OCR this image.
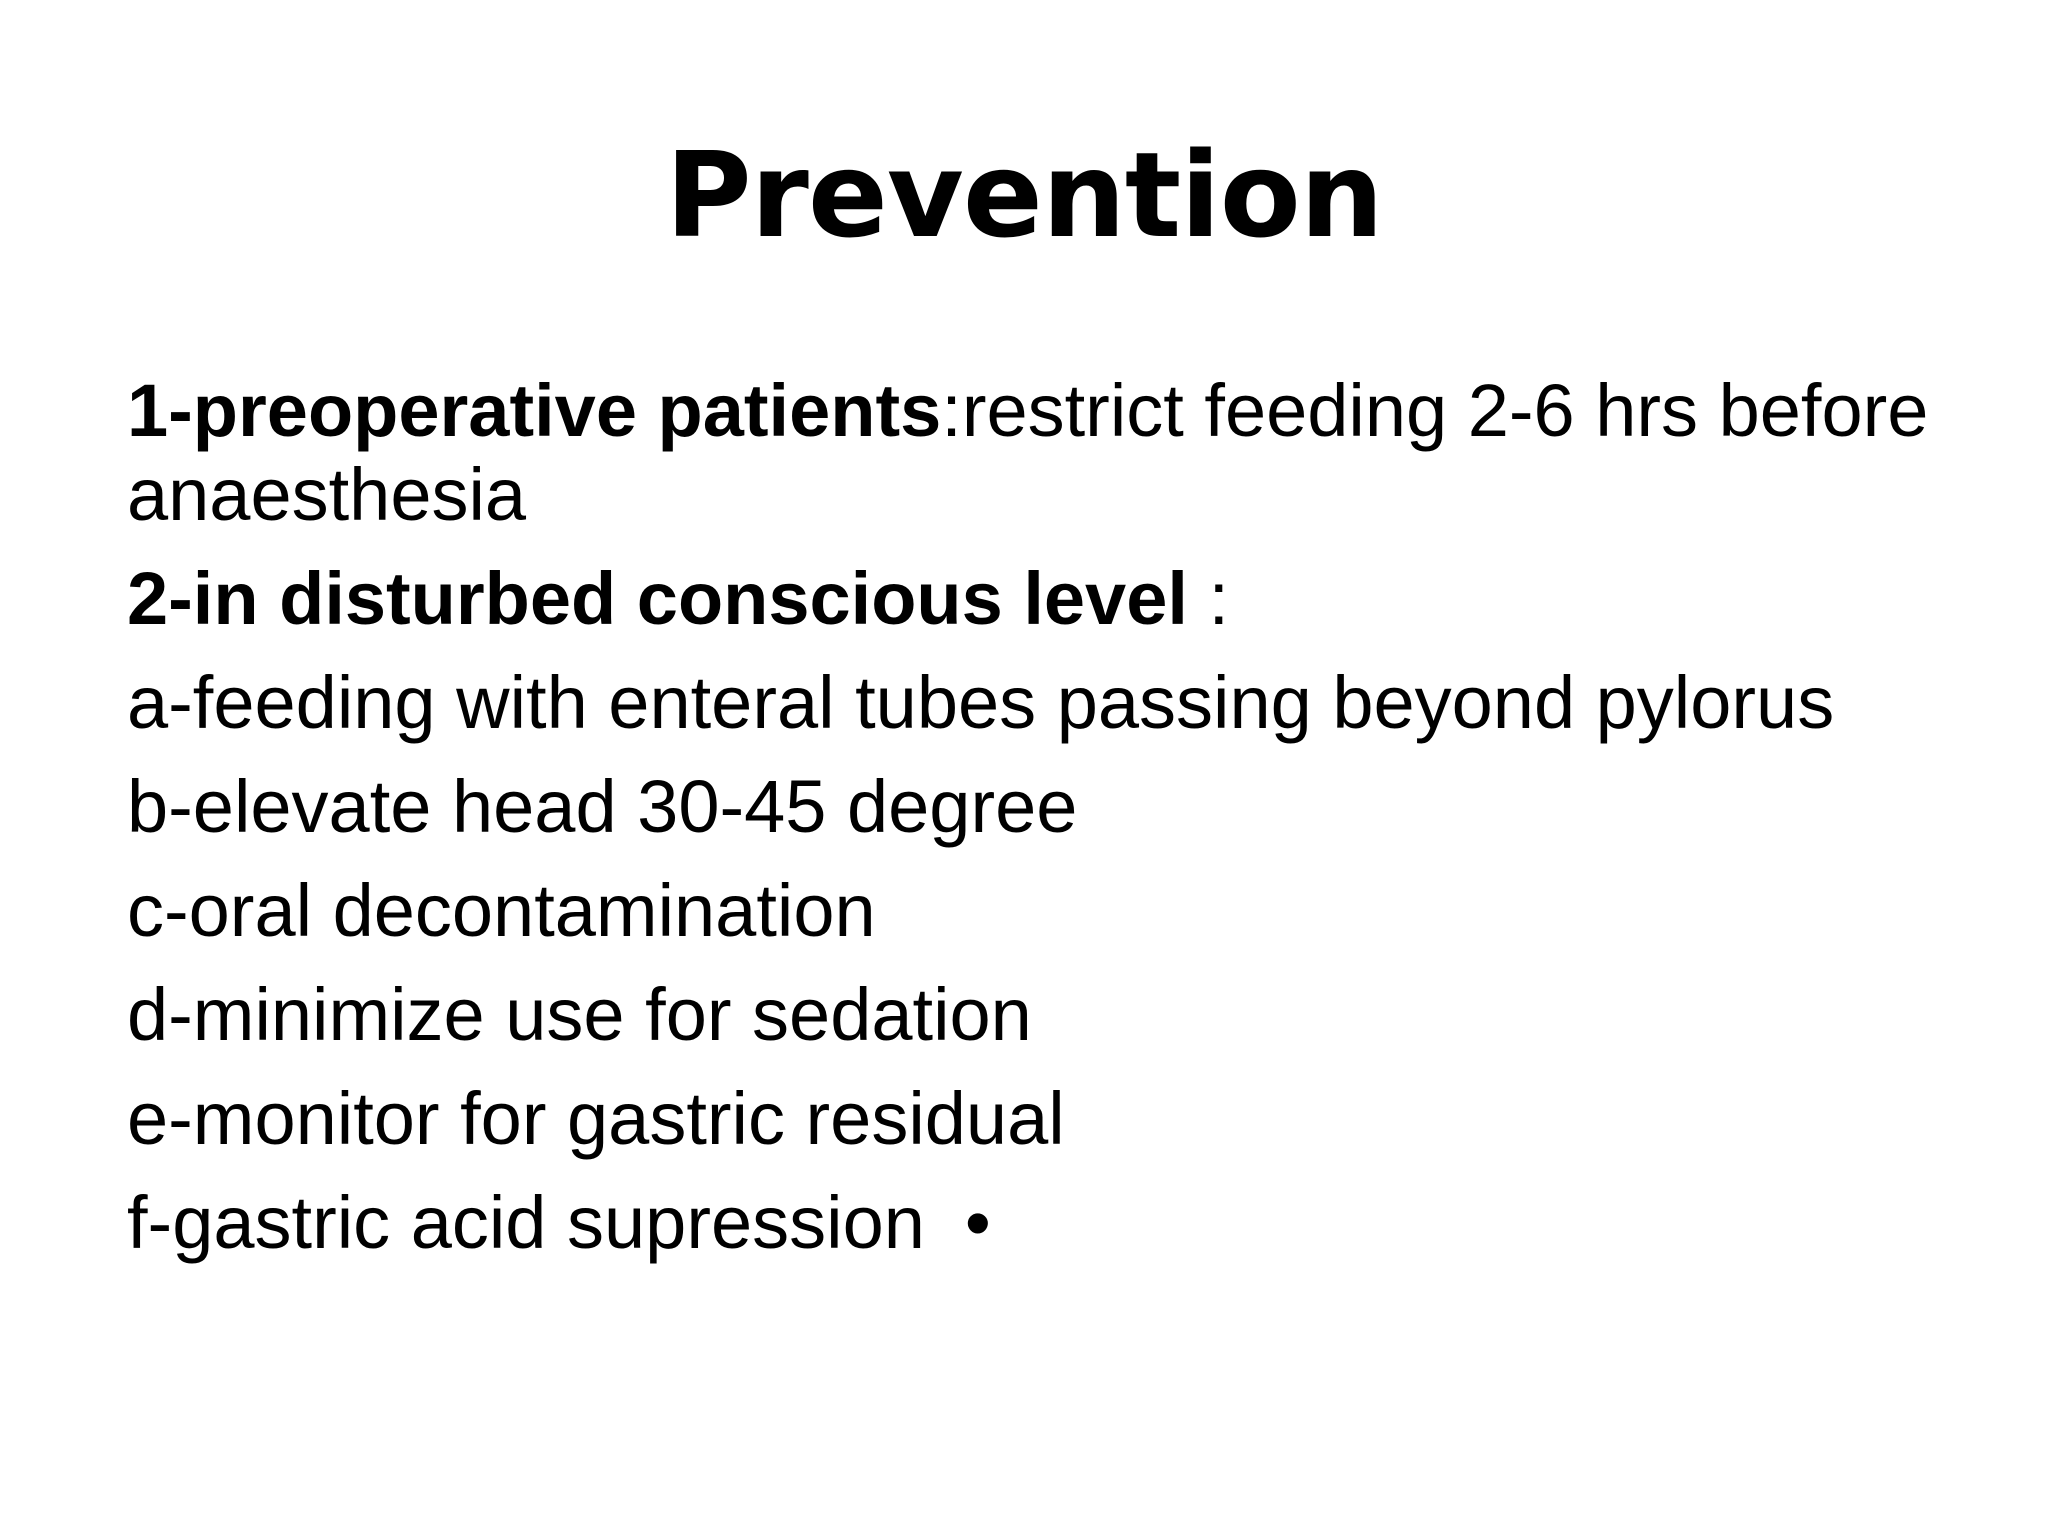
Prevention

1-preoperative patients:restrict feeding 2-6 hrs before anaesthesia

2-in disturbed conscious level :

a-feeding with enteral tubes passing beyond pylorus

b-elevate head 30-45 degree

c-oral decontamination

d-minimize use for sedation

e-monitor for gastric residual

f-gastric acid supression •
